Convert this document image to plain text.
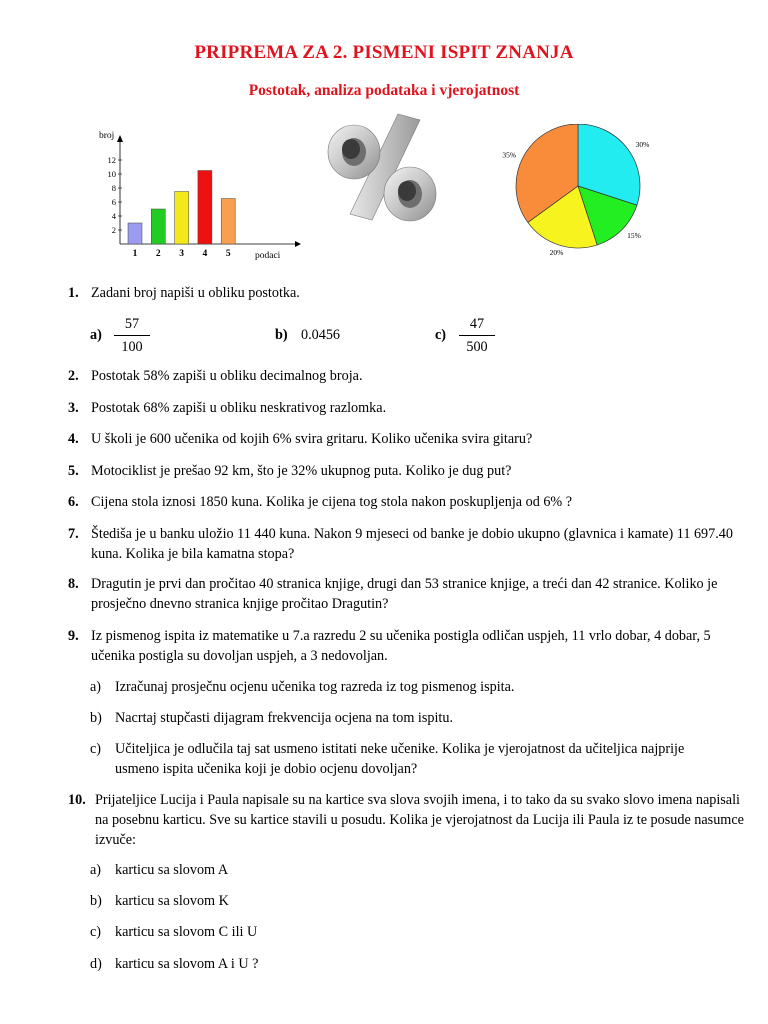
PRIPREMA ZA 2. PISMENI ISPIT ZNANJA
Postotak, analiza podataka i vjerojatnost
broj
podaci
2
4
6
8
10
12
1 2 3 4 5
30%
15%
20%
35%
1. Zadani broj napiši u obliku postotka.
a)
57
100
b) 0.0456	c)
47
500
2. Postotak 58% zapiši u obliku decimalnog broja.
3. Postotak 68% zapiši u obliku neskrativog razlomka.
4. U školi je 600 učenika od kojih 6% svira gritaru. Koliko učenika svira gitaru?
5. Motociklist je prešao 92 km, što je 32% ukupnog puta. Koliko je dug put?
6. Cijena stola iznosi 1850 kuna. Kolika je cijena tog stola nakon poskupljenja od 6% ?
7. Štediša je u banku uložio 11 440 kuna. Nakon 9 mjeseci od banke je dobio ukupno (glavnica i kamate) 11 697.40 kuna. Kolika je bila kamatna stopa?
8. Dragutin je prvi dan pročitao 40 stranica knjige, drugi dan 53 stranice knjige, a treći dan 42 stranice. Koliko je prosječno dnevno stranica knjige pročitao Dragutin?
9. Iz pismenog ispita iz matematike u 7.a razredu 2 su učenika postigla odličan uspjeh, 11 vrlo dobar, 4 dobar, 5 učenika postigla su dovoljan uspjeh, a 3 nedovoljan.
a) Izračunaj prosječnu ocjenu učenika tog razreda iz tog pismenog ispita.
b) Nacrtaj stupčasti dijagram frekvencija ocjena na tom ispitu.
c) Učiteljica je odlučila taj sat usmeno istitati neke učenike. Kolika je vjerojatnost da učiteljica najprije usmeno ispita učenika koji je dobio ocjenu dovoljan?
10. Prijateljice Lucija i Paula napisale su na kartice sva slova svojih imena, i to tako da su svako slovo imena napisali na posebnu karticu. Sve su kartice stavili u posudu. Kolika je vjerojatnost da Lucija ili Paula iz te posude nasumce izvuče:
a) karticu sa slovom A
b) karticu sa slovom K
c) karticu sa slovom C ili U
d) karticu sa slovom A i U ?
